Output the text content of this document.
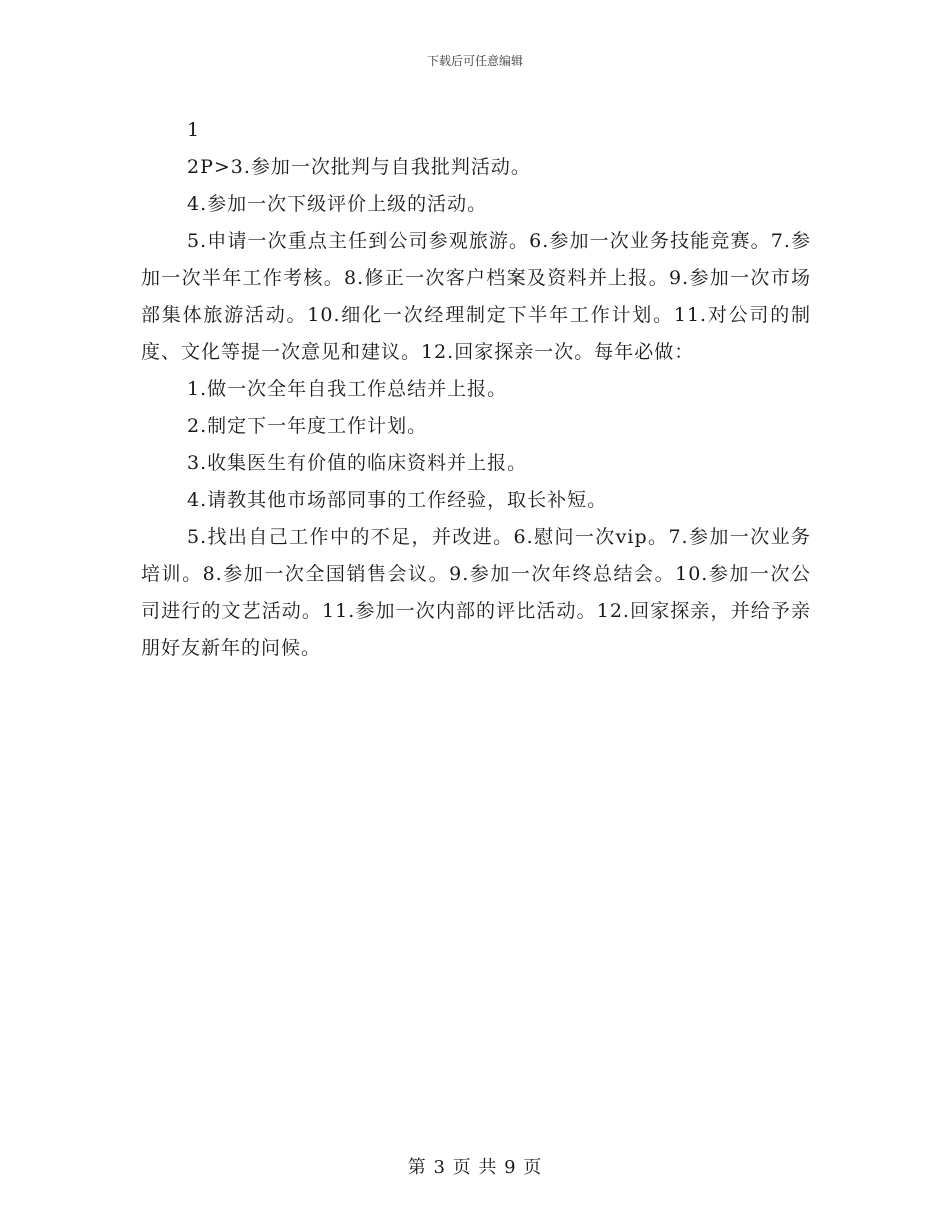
下载后可任意编辑

1

2P>3.参加一次批判与自我批判活动。

4.参加一次下级评价上级的活动。

5.申请一次重点主任到公司参观旅游。6.参加一次业务技能竞赛。7.参加一次半年工作考核。8.修正一次客户档案及资料并上报。9.参加一次市场部集体旅游活动。10.细化一次经理制定下半年工作计划。11.对公司的制度、文化等提一次意见和建议。12.回家探亲一次。每年必做：

1.做一次全年自我工作总结并上报。

2.制定下一年度工作计划。

3.收集医生有价值的临床资料并上报。

4.请教其他市场部同事的工作经验，取长补短。

5.找出自己工作中的不足，并改进。6.慰问一次vip。7.参加一次业务培训。8.参加一次全国销售会议。9.参加一次年终总结会。10.参加一次公司进行的文艺活动。11.参加一次内部的评比活动。12.回家探亲，并给予亲朋好友新年的问候。

第 3 页 共 9 页
